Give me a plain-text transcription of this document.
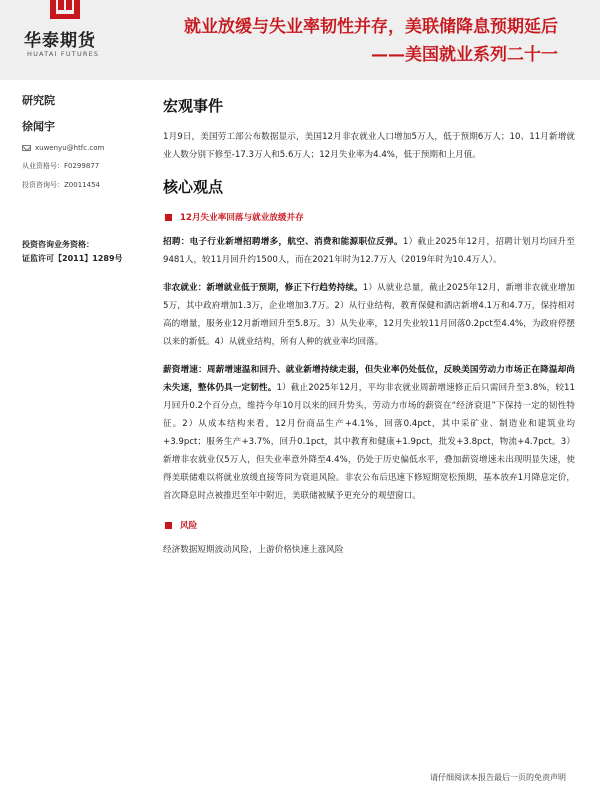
华泰期货
HUATAI FUTURES
就业放缓与失业率韧性并存，美联储降息预期延后
——美国就业系列二十一
研究院
徐闻宇
xuwenyu@htfc.com
从业资格号：F0299877
投资咨询号：Z0011454
投资咨询业务资格：
证监许可【2011】1289号
宏观事件
1月9日，美国劳工部公布数据显示，美国12月非农就业人口增加5万人，低于预期6万人；10、11月新增就业人数分别下修至-17.3万人和5.6万人；12月失业率为4.4%，低于预期和上月值。
核心观点
12月失业率回落与就业放缓并存
招聘：电子行业新增招聘增多，航空、消费和能源职位反弹。1）截止2025年12月，招聘计划月均回升至9481人，较11月回升约1500人，而在2021年时为12.7万人（2019年时为10.4万人）。
非农就业：新增就业低于预期，修正下行趋势持续。1）从就业总量，截止2025年12月，新增非农就业增加5万，其中政府增加1.3万，企业增加3.7万。2）从行业结构，教育保健和酒店新增4.1万和4.7万，保持相对高的增量，服务业12月新增回升至5.8万。3）从失业率，12月失业较11月回落0.2pct至4.4%，为政府停摆以来的新低。4）从就业结构，所有人种的就业率均回落。
薪资增速：周薪增速温和回升、就业新增持续走弱，但失业率仍处低位，反映美国劳动力市场正在降温却尚未失速，整体仍具一定韧性。1）截止2025年12月，平均非农就业周薪增速修正后只需回升至3.8%，较11月回升0.2个百分点，维持今年10月以来的回升势头，劳动力市场的薪资在“经济衰退”下保持一定的韧性特征。2）从成本结构来看，12月份商品生产+4.1%，回落0.4pct，其中采矿业、制造业和建筑业均+3.9pct；服务生产+3.7%，回升0.1pct，其中教育和健康+1.9pct，批发+3.8pct，物流+4.7pct。3）新增非农就业仅5万人，但失业率意外降至4.4%，仍处于历史偏低水平，叠加薪资增速未出现明显失速，使得美联储难以将就业放缓直接等同为衰退风险。非农公布后迅速下修短期宽松预期，基本放弃1月降息定价，首次降息时点被推迟至年中附近，美联储被赋予更充分的观望窗口。
风险
经济数据短期波动风险，上游价格快速上涨风险
请仔细阅读本报告最后一页的免责声明
